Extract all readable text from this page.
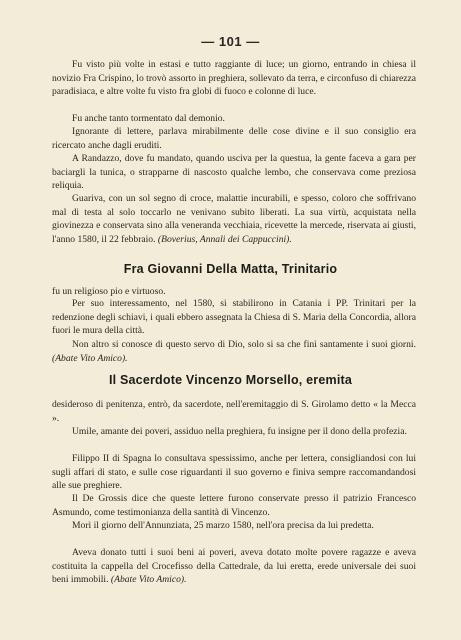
— 101 —

Fu visto più volte in estasi e tutto raggiante di luce; un giorno, entrando in chiesa il novizio Fra Crispino, lo trovò assorto in preghiera, sollevato da terra, e circonfuso di chiarezza paradisiaca, e altre volte fu visto fra globi di fuoco e colonne di luce.

Fu anche tanto tormentato dal demonio.

Ignorante di lettere, parlava mirabilmente delle cose divine e il suo consiglio era ricercato anche dagli eruditi.

A Randazzo, dove fu mandato, quando usciva per la questua, la gente faceva a gara per baciargli la tunica, o strapparne di nascosto qualche lembo, che conservava come preziosa reliquia.

Guariva, con un sol segno di croce, malattie incurabili, e spesso, coloro che soffrivano mal di testa al solo toccarlo ne venivano subito liberati. La sua virtù, acquistata nella giovinezza e conservata sino alla veneranda vecchiaia, ricevette la mercede, riservata ai giusti, l'anno 1580, il 22 febbraio. (Boverius, Annali dei Cappuccini).

Fra Giovanni Della Matta, Trinitario

fu un religioso pio e virtuoso.

Per suo interessamento, nel 1580, si stabilirono in Catania i PP. Trinitari per la redenzione degli schiavi, i quali ebbero assegnata la Chiesa di S. Maria della Concordia, allora fuori le mura della città.

Non altro si conosce di questo servo di Dio, solo si sa che finì santamente i suoi giorni. (Abate Vito Amico).

Il Sacerdote Vincenzo Morsello, eremita

desideroso di penitenza, entrò, da sacerdote, nell'eremitaggio di S. Girolamo detto « la Mecca ».

Umile, amante dei poveri, assiduo nella preghiera, fu insigne per il dono della profezia.

Filippo II di Spagna lo consultava spessissimo, anche per lettera, consigliandosi con lui sugli affari di stato, e sulle cose riguardanti il suo governo e finiva sempre raccomandandosi alle sue preghiere.

Il De Grossis dice che queste lettere furono conservate presso il patrizio Francesco Asmundo, come testimonianza della santità di Vincenzo.

Morì il giorno dell'Annunziata, 25 marzo 1580, nell'ora precisa da lui predetta.

Aveva donato tutti i suoi beni ai poveri, aveva dotato molte povere ragazze e aveva costituita la cappella del Crocefisso della Cattedrale, da lui eretta, erede universale dei suoi beni immobili. (Abate Vito Amico).
